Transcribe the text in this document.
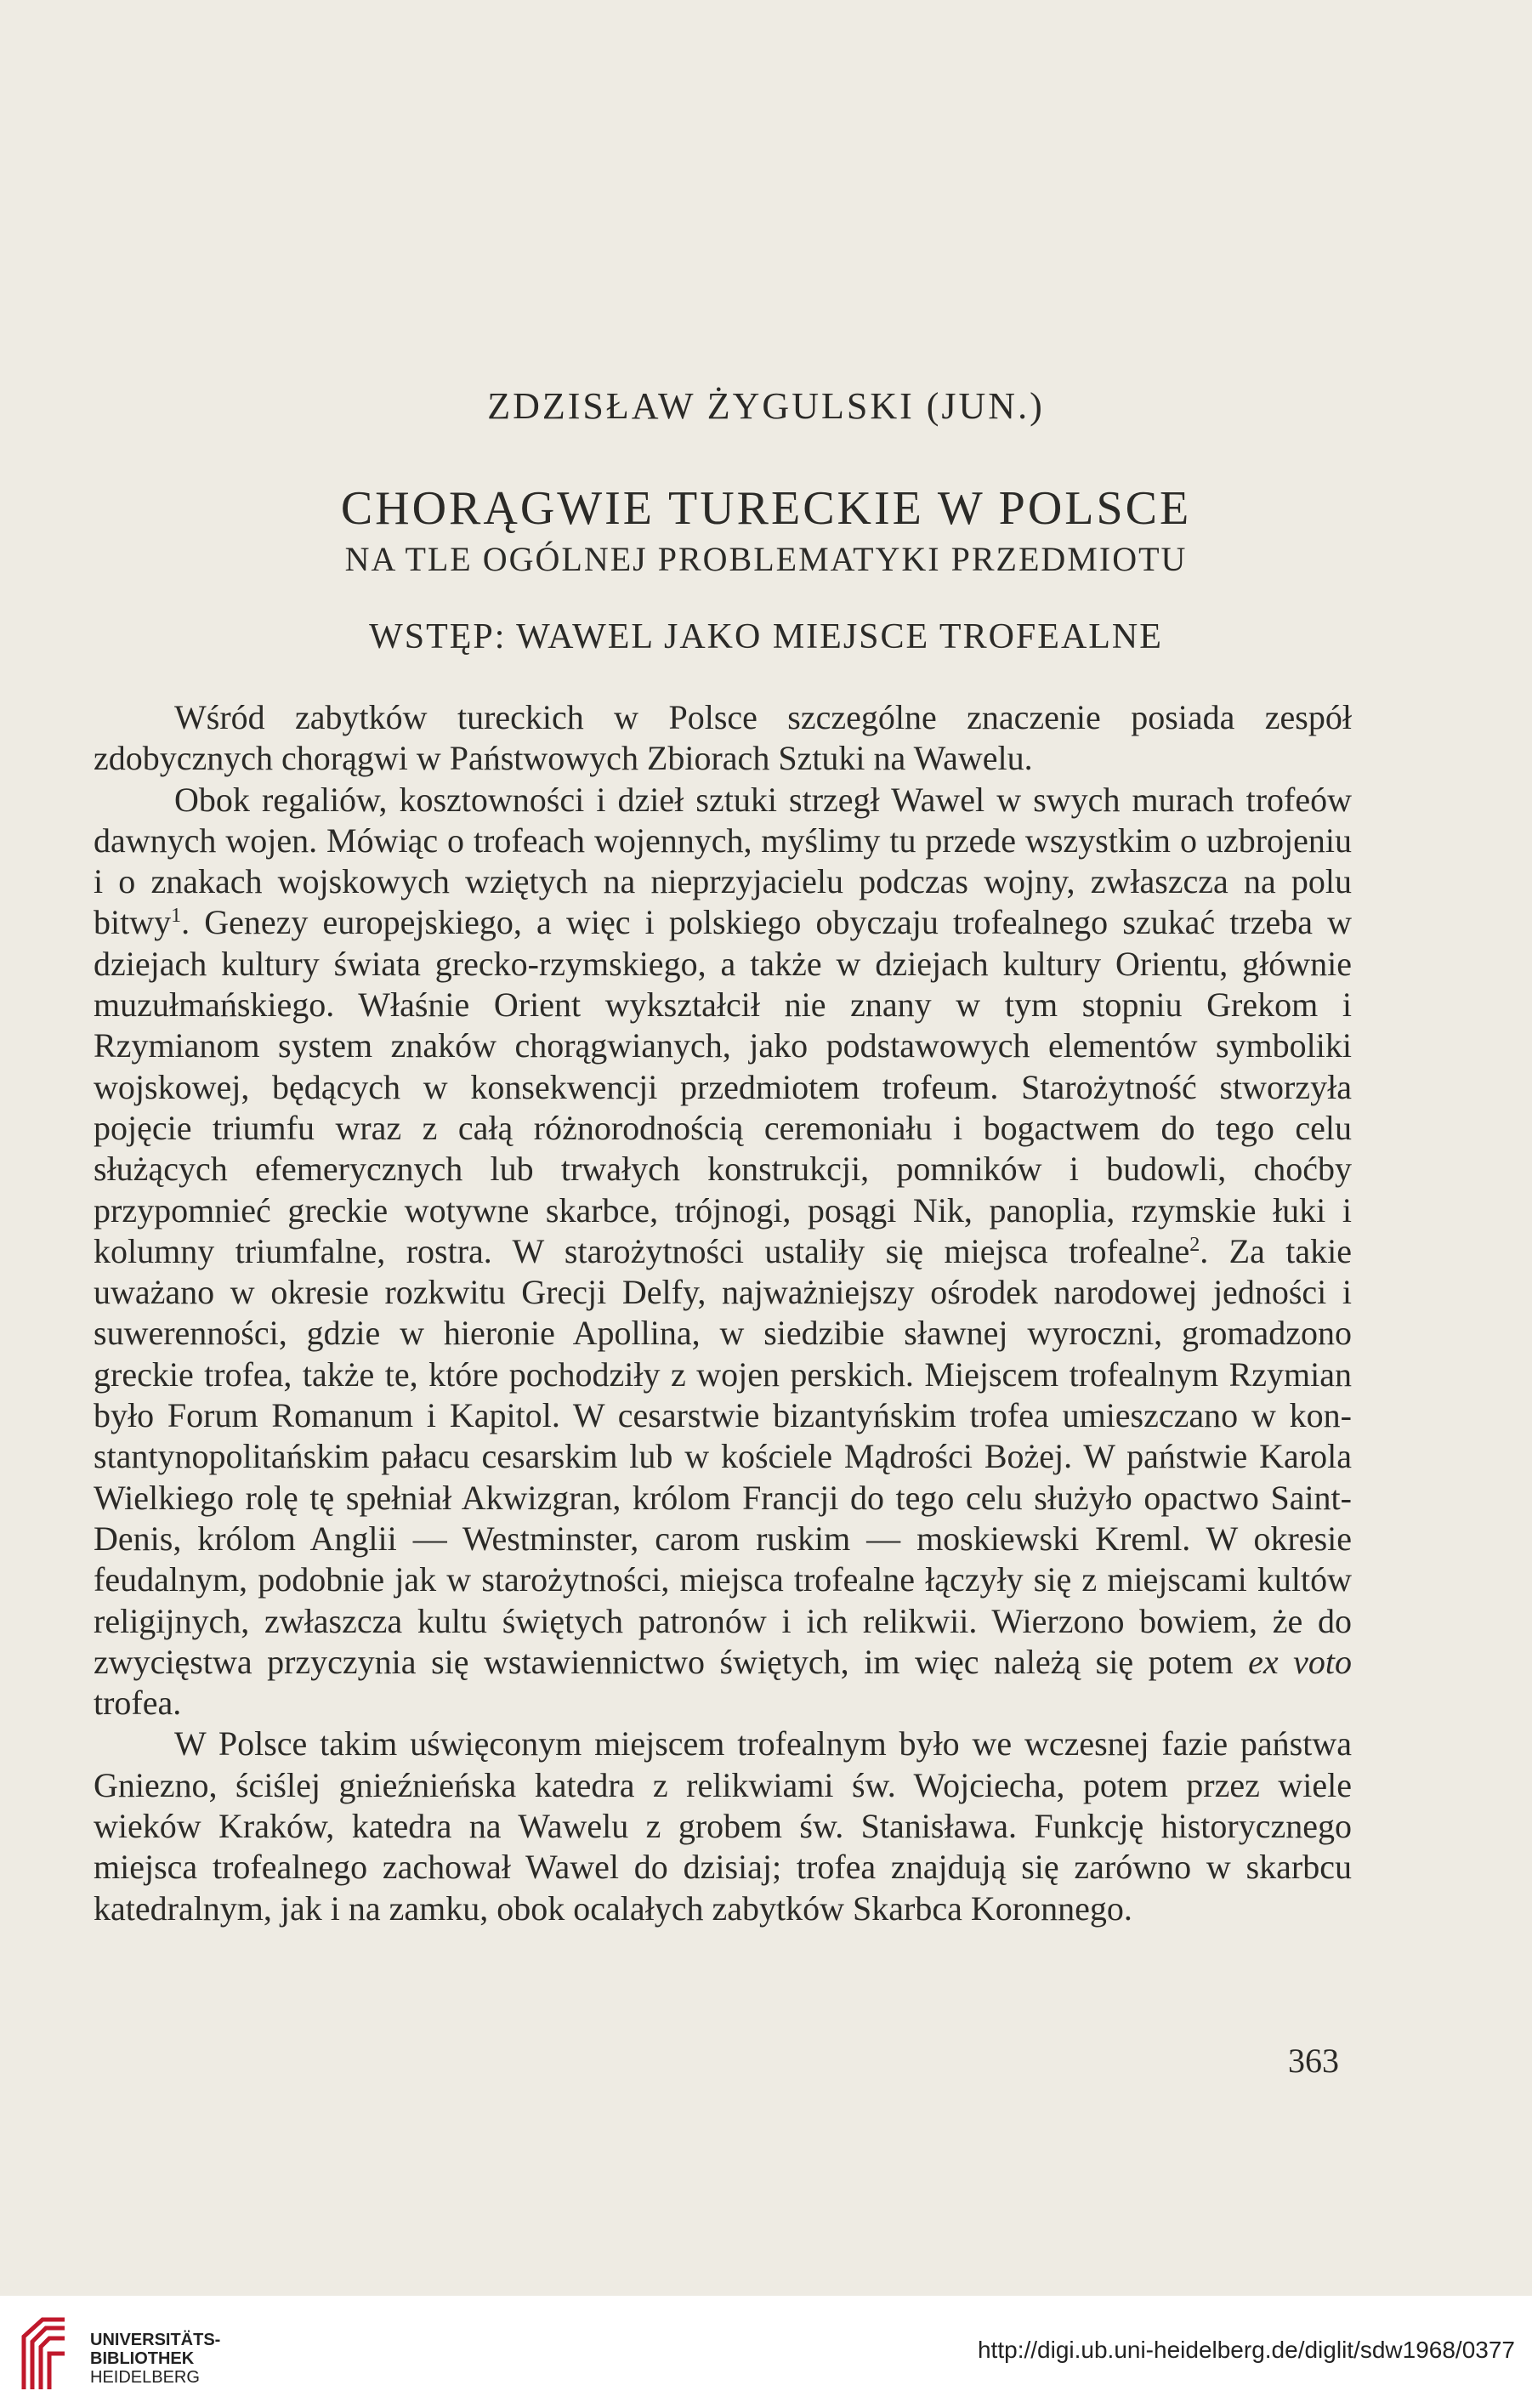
ZDZISŁAW ŻYGULSKI (JUN.)
CHORĄGWIE TURECKIE W POLSCE
NA TLE OGÓLNEJ PROBLEMATYKI PRZEDMIOTU
WSTĘP: WAWEL JAKO MIEJSCE TROFEALNE

Wśród zabytków tureckich w Polsce szczególne znaczenie posiada zespół zdobycznych chorągwi w Państwowych Zbiorach Sztuki na Wawelu.

Obok regaliów, kosztowności i dzieł sztuki strzegł Wawel w swych murach trofeów dawnych wojen. Mówiąc o trofeach wojennych, myślimy tu przede wszystkim o uzbrojeniu i o znakach wojskowych wziętych na nieprzyjacielu podczas wojny, zwłaszcza na polu bitwy$^1$. Genezy europejskiego, a więc i polskiego obyczaju trofealnego szukać trzeba w dziejach kultury świata grecko-rzymskiego, a także w dziejach kultury Orientu, głównie muzułmańskiego. Właśnie Orient wykształcił nie znany w tym stopniu Grekom i Rzymianom system znaków chorągwianych, jako podstawowych elementów symboliki wojskowej, będących w konsekwencji przedmiotem trofeum. Starożytność stworzyła pojęcie triumfu wraz z całą różnorodnością ceremoniału i bogactwem do tego celu służących efemerycznych lub trwałych konstrukcji, pomników i budowli, choćby przypomnieć greckie wotywne skarbce, trójnogi, posągi Nik, panoplia, rzymskie łuki i kolumny triumfalne, rostra. W starożytności ustaliły się miejsca trofealne$^2$. Za takie uważano w okresie rozkwitu Grecji Delfy, najważniejszy ośrodek narodowej jedności i suwerenności, gdzie w hieronie Apollina, w siedzibie sławnej wyroczni, gromadzono greckie trofea, także te, które pochodziły z wojen perskich. Miejscem trofealnym Rzymian było Forum Romanum i Kapitol. W cesarstwie bizantyńskim trofea umieszczano w konstantynopolitańskim pałacu cesarskim lub w kościele Mądrości Bożej. W państwie Karola Wielkiego rolę tę spełniał Akwizgran, królom Francji do tego celu służyło opactwo Saint-Denis, królom Anglii — Westminster, carom ruskim — moskiewski Kreml. W okresie feudalnym, podobnie jak w starożytności, miejsca trofealne łączyły się z miejscami kultów religijnych, zwłaszcza kultu świętych patronów i ich relikwii. Wierzono bowiem, że do zwycięstwa przyczynia się wstawiennictwo świętych, im więc należą się potem ex voto trofea.

W Polsce takim uświęconym miejscem trofealnym było we wczesnej fazie państwa Gniezno, ściślej gnieźnieńska katedra z relikwiami św. Wojciecha, potem przez wiele wieków Kraków, katedra na Wawelu z grobem św. Stanisława. Funkcję historycznego miejsca trofealnego zachował Wawel do dzisiaj; trofea znajdują się zarówno w skarbcu katedralnym, jak i na zamku, obok ocalałych zabytków Skarbca Koronnego.

363
UNIVERSITÄTS-
BIBLIOTHEK
HEIDELBERG
http://digi.ub.uni-heidelberg.de/diglit/sdw1968/0377
